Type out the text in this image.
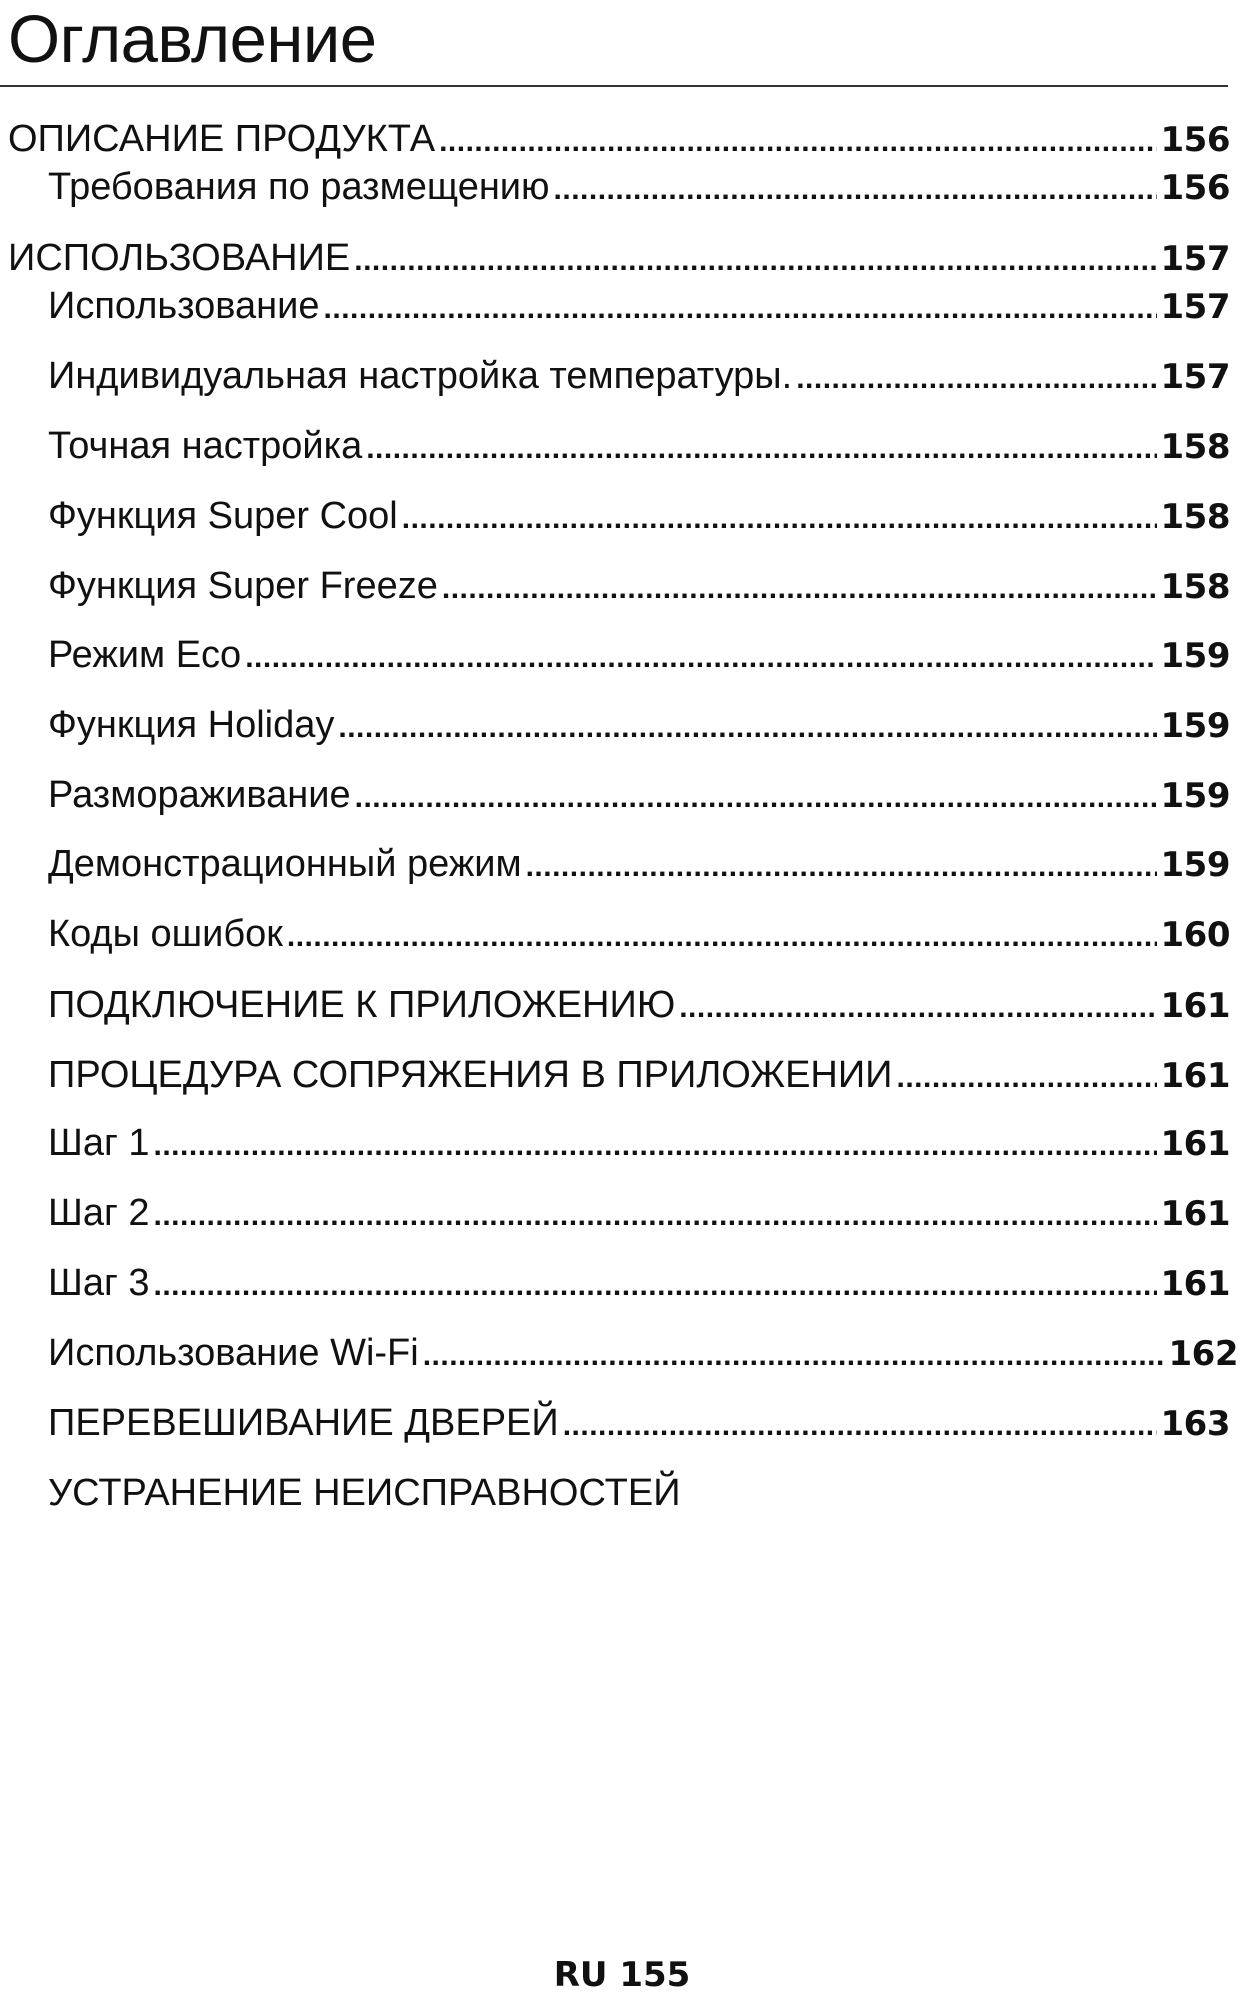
Оглавление
ОПИСАНИЕ ПРОДУКТА .....	156
Требования по размещению .....	156
ИСПОЛЬЗОВАНИЕ .....	157
Использование .....	157
Индивидуальная настройка температуры. .....	157
Точная настройка .....	158
Функция Super Cool .....	158
Функция Super Freeze .....	158
Режим Eco .....	159
Функция Holiday .....	159
Размораживание .....	159
Демонстрационный режим .....	159
Коды ошибок .....	160
ПОДКЛЮЧЕНИЕ К ПРИЛОЖЕНИЮ .....	161
ПРОЦЕДУРА СОПРЯЖЕНИЯ В ПРИЛОЖЕНИИ .....	161
Шаг 1 .....	161
Шаг 2 .....	161
Шаг 3 .....	161
Использование Wi-Fi .....	162
ПЕРЕВЕШИВАНИЕ ДВЕРЕЙ .....	163
УСТРАНЕНИЕ НЕИСПРАВНОСТЕЙ
RU 155
